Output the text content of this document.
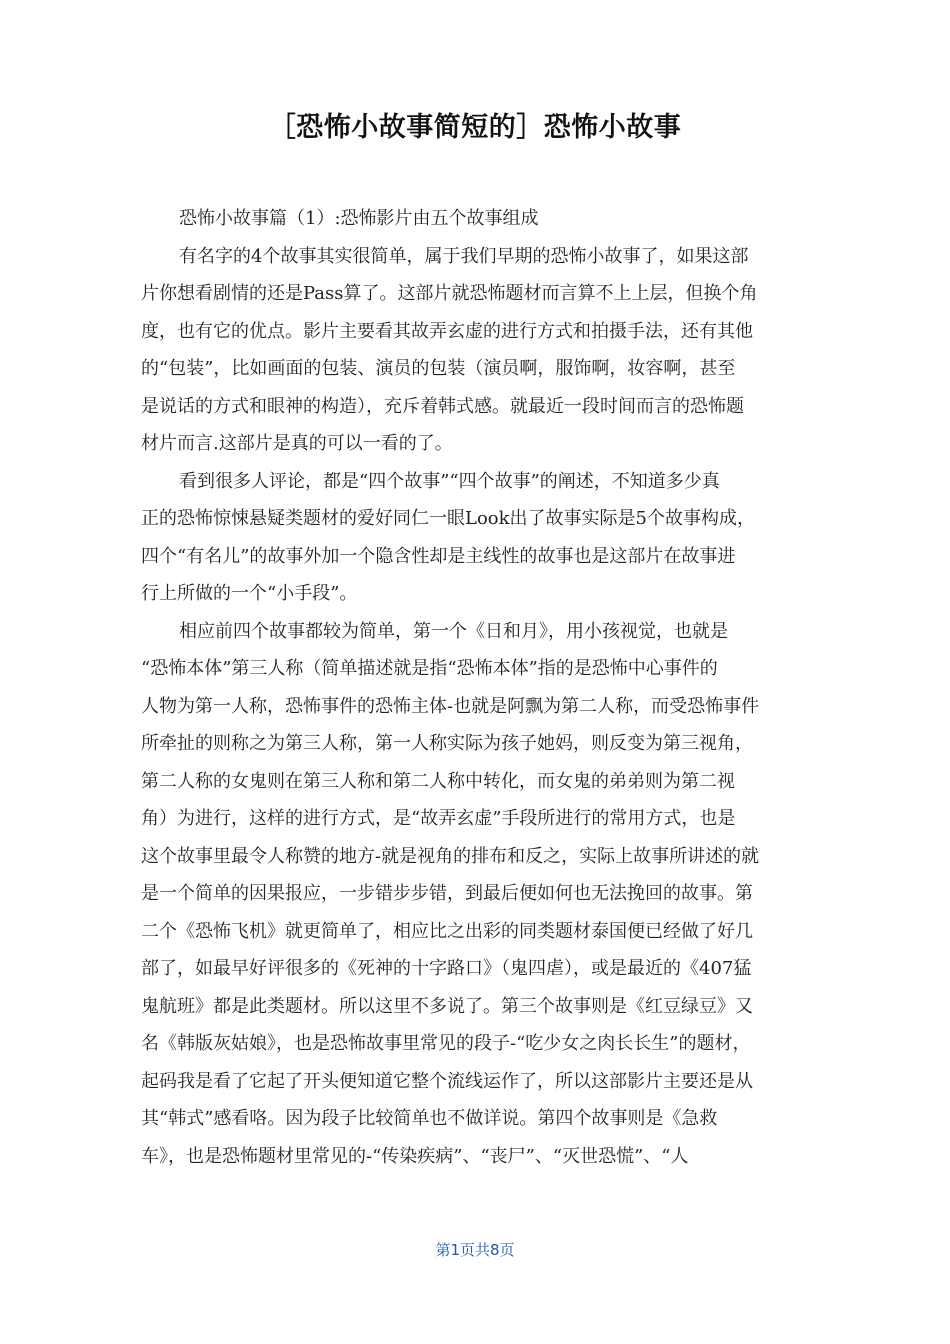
［恐怖小故事简短的］恐怖小故事
恐怖小故事篇（1）:恐怖影片由五个故事组成
有名字的4个故事其实很简单，属于我们早期的恐怖小故事了，如果这部
片你想看剧情的还是Pass算了。这部片就恐怖题材而言算不上上层，但换个角
度，也有它的优点。影片主要看其故弄玄虚的进行方式和拍摄手法，还有其他
的“包装”，比如画面的包装、演员的包装（演员啊，服饰啊，妆容啊，甚至
是说话的方式和眼神的构造），充斥着韩式感。就最近一段时间而言的恐怖题
材片而言.这部片是真的可以一看的了。
看到很多人评论，都是“四个故事”“四个故事”的阐述，不知道多少真
正的恐怖惊悚悬疑类题材的爱好同仁一眼Look出了故事实际是5个故事构成，
四个“有名儿”的故事外加一个隐含性却是主线性的故事也是这部片在故事进
行上所做的一个“小手段”。
相应前四个故事都较为简单，第一个《日和月》，用小孩视觉，也就是
“恐怖本体”第三人称（简单描述就是指“恐怖本体”指的是恐怖中心事件的
人物为第一人称，恐怖事件的恐怖主体-也就是阿飘为第二人称，而受恐怖事件
所牵扯的则称之为第三人称，第一人称实际为孩子她妈，则反变为第三视角，
第二人称的女鬼则在第三人称和第二人称中转化，而女鬼的弟弟则为第二视
角）为进行，这样的进行方式，是“故弄玄虚”手段所进行的常用方式，也是
这个故事里最令人称赞的地方-就是视角的排布和反之，实际上故事所讲述的就
是一个简单的因果报应，一步错步步错，到最后便如何也无法挽回的故事。第
二个《恐怖飞机》就更简单了，相应比之出彩的同类题材泰国便已经做了好几
部了，如最早好评很多的《死神的十字路口》（鬼四虐），或是最近的《407猛
鬼航班》都是此类题材。所以这里不多说了。第三个故事则是《红豆绿豆》又
名《韩版灰姑娘》，也是恐怖故事里常见的段子-“吃少女之肉长长生”的题材，
起码我是看了它起了开头便知道它整个流线运作了，所以这部影片主要还是从
其“韩式”感看咯。因为段子比较简单也不做详说。第四个故事则是《急救
车》，也是恐怖题材里常见的-“传染疾病”、“丧尸”、“灭世恐慌”、“人
第1页共8页
